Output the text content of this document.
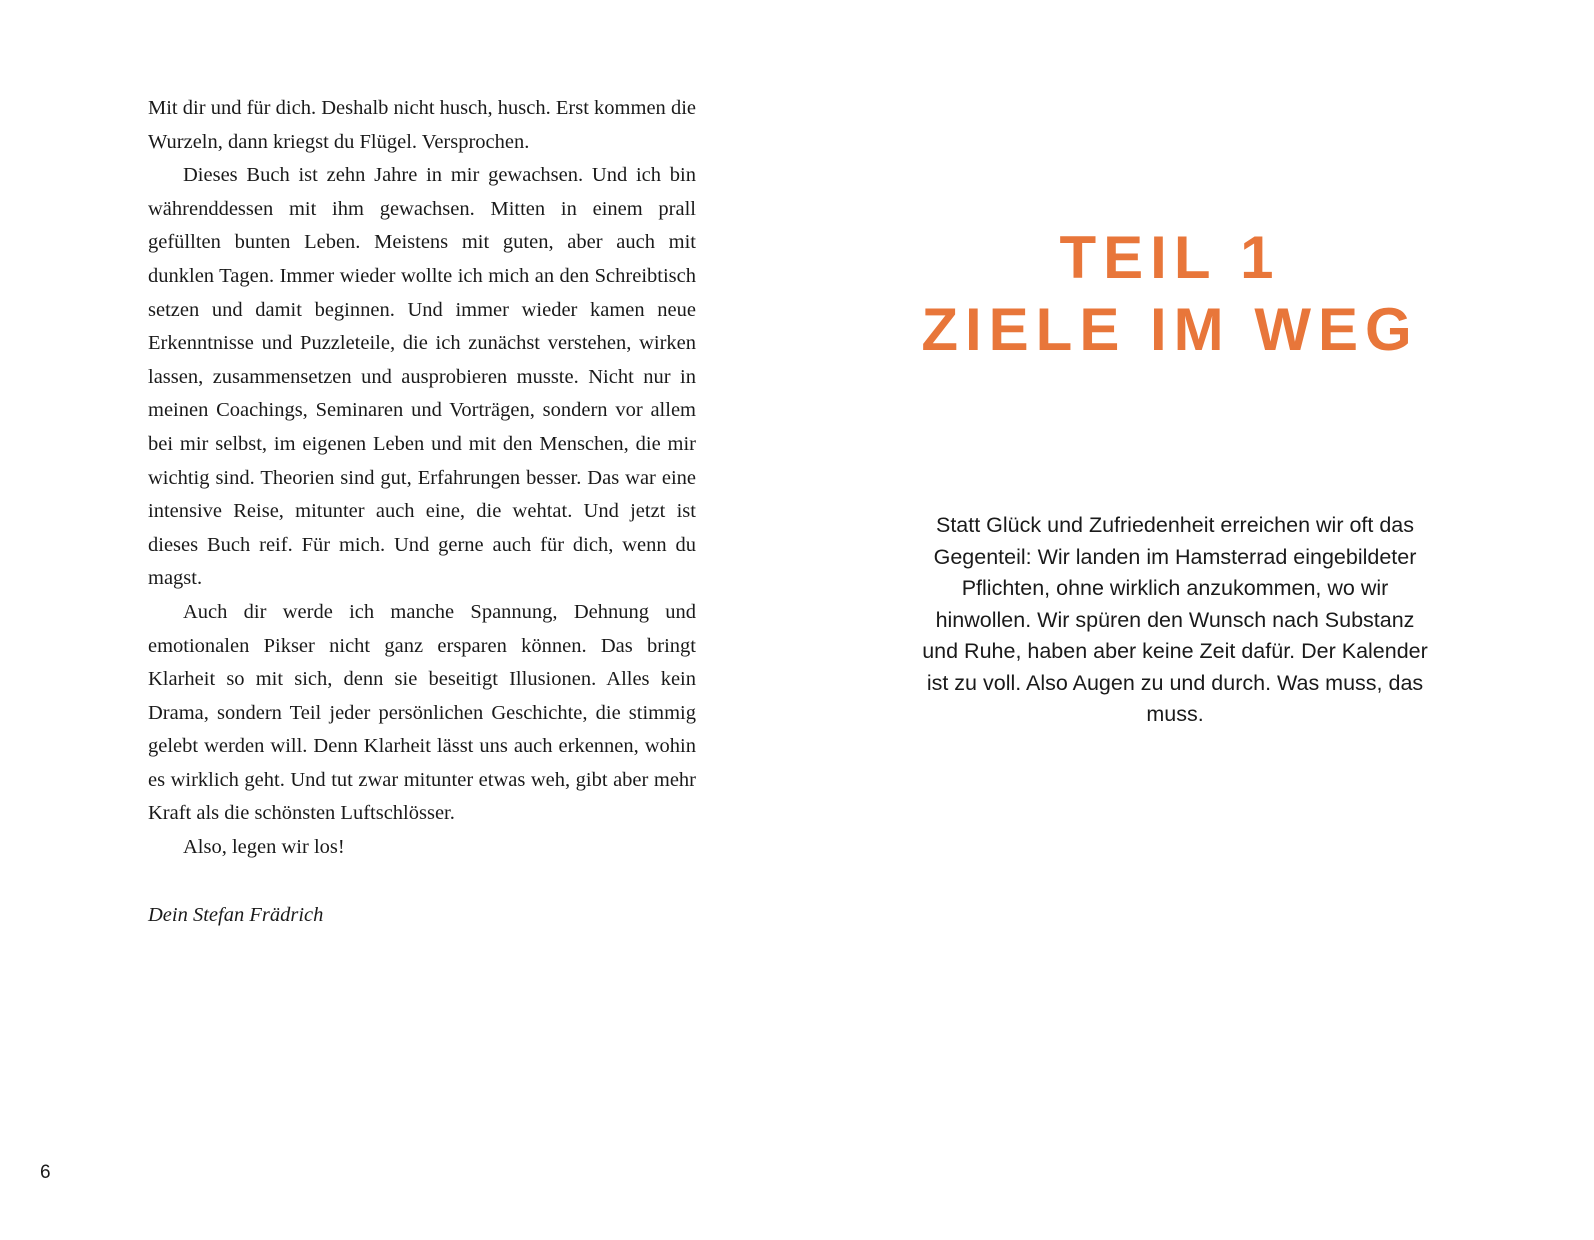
Mit dir und für dich. Deshalb nicht husch, husch. Erst kommen die Wurzeln, dann kriegst du Flügel. Versprochen.

Dieses Buch ist zehn Jahre in mir gewachsen. Und ich bin währenddessen mit ihm gewachsen. Mitten in einem prall gefüllten bunten Leben. Meistens mit guten, aber auch mit dunklen Tagen. Immer wieder wollte ich mich an den Schreibtisch setzen und damit beginnen. Und immer wieder kamen neue Erkenntnisse und Puzzleteile, die ich zunächst verstehen, wirken lassen, zusammensetzen und ausprobieren musste. Nicht nur in meinen Coachings, Seminaren und Vorträgen, sondern vor allem bei mir selbst, im eigenen Leben und mit den Menschen, die mir wichtig sind. Theorien sind gut, Erfahrungen besser. Das war eine intensive Reise, mitunter auch eine, die wehtat. Und jetzt ist dieses Buch reif. Für mich. Und gerne auch für dich, wenn du magst.

Auch dir werde ich manche Spannung, Dehnung und emotionalen Pikser nicht ganz ersparen können. Das bringt Klarheit so mit sich, denn sie beseitigt Illusionen. Alles kein Drama, sondern Teil jeder persönlichen Geschichte, die stimmig gelebt werden will. Denn Klarheit lässt uns auch erkennen, wohin es wirklich geht. Und tut zwar mitunter etwas weh, gibt aber mehr Kraft als die schönsten Luftschlösser.

Also, legen wir los!

Dein Stefan Frädrich

TEIL 1
ZIELE IM WEG
Statt Glück und Zufriedenheit erreichen wir oft das Gegenteil: Wir landen im Hamsterrad eingebildeter Pflichten, ohne wirklich anzukommen, wo wir hinwollen. Wir spüren den Wunsch nach Substanz und Ruhe, haben aber keine Zeit dafür. Der Kalender ist zu voll. Also Augen zu und durch. Was muss, das muss.
6
